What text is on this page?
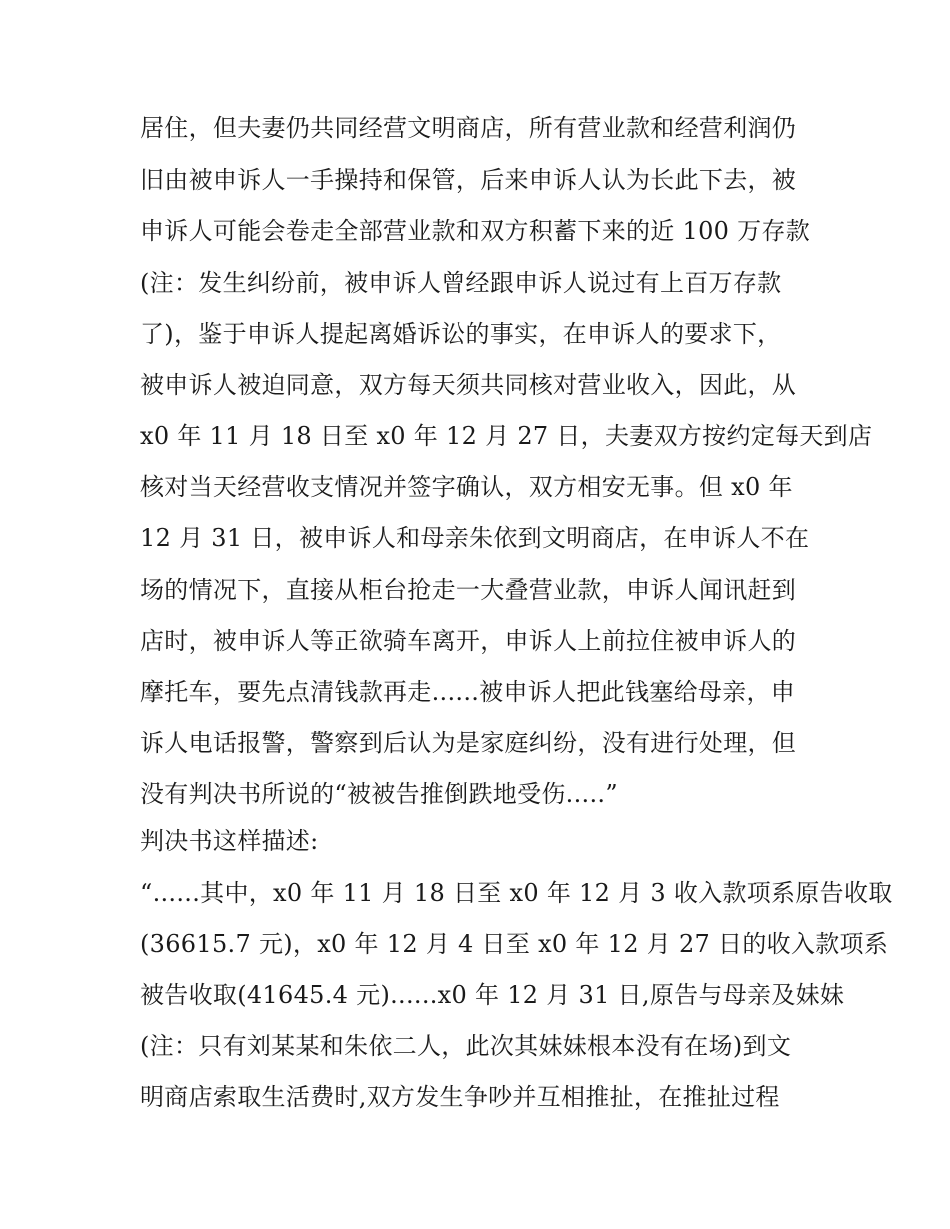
居住，但夫妻仍共同经营文明商店，所有营业款和经营利润仍
旧由被申诉人一手操持和保管，后来申诉人认为长此下去，被
申诉人可能会卷走全部营业款和双方积蓄下来的近 100 万存款
(注：发生纠纷前，被申诉人曾经跟申诉人说过有上百万存款
了)，鉴于申诉人提起离婚诉讼的事实，在申诉人的要求下，
被申诉人被迫同意，双方每天须共同核对营业收入，因此，从
x0 年 11 月 18 日至 x0 年 12 月 27 日，夫妻双方按约定每天到店
核对当天经营收支情况并签字确认，双方相安无事。但 x0 年
12 月 31 日，被申诉人和母亲朱依到文明商店，在申诉人不在
场的情况下，直接从柜台抢走一大叠营业款，申诉人闻讯赶到
店时，被申诉人等正欲骑车离开，申诉人上前拉住被申诉人的
摩托车，要先点清钱款再走......被申诉人把此钱塞给母亲，申
诉人电话报警，警察到后认为是家庭纠纷，没有进行处理，但
没有判决书所说的“被被告推倒跌地受伤.....”
判决书这样描述:
“......其中，x0 年 11 月 18 日至 x0 年 12 月 3 收入款项系原告收取
(36615.7 元)，x0 年 12 月 4 日至 x0 年 12 月 27 日的收入款项系
被告收取(41645.4 元)......x0 年 12 月 31 日,原告与母亲及妹妹
(注：只有刘某某和朱依二人，此次其妹妹根本没有在场)到文
明商店索取生活费时,双方发生争吵并互相推扯，在推扯过程
